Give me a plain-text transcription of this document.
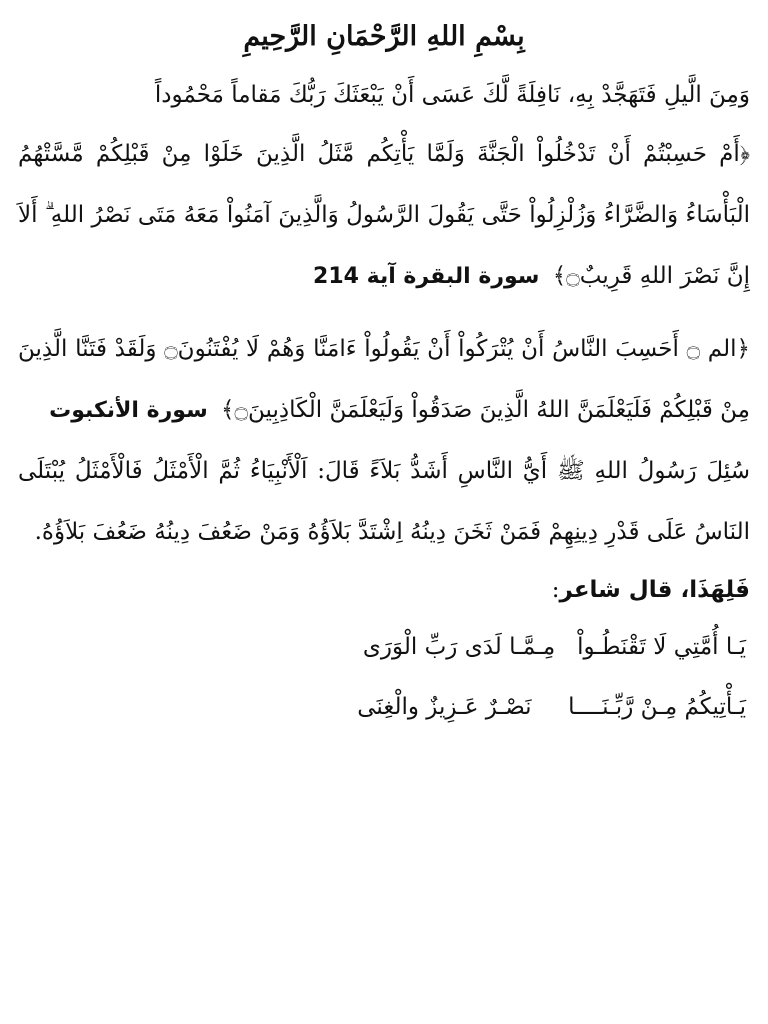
بِسْمِ اللهِ الرَّحْمَانِ الرَّحِيمِ

وَمِنَ الَّيلِ فَتَهَجَّدْ بِهِ، نَافِلَةً لَّكَ عَسَى أَنْ يَبْعَثَكَ رَبُّكَ مَقاماً مَحْمُوداً

﴿أَمْ حَسِبْتُمْ أَنْ تَدْخُلُواْ الْجَنَّةَ وَلَمَّا يَأْتِكُم مَّثَلُ الَّذِينَ خَلَوْا مِنْ قَبْلِكُمْ مَّسَّتْهُمُ الْبَأْسَاءُ وَالضَّرَّاءُ وَزُلْزِلُواْ حَتَّى يَقُولَ الرَّسُولُ وَالَّذِينَ آمَنُواْ مَعَهُ مَتَى نَصْرُ اللهِ ۗ أَلاَ إِنَّ نَصْرَ اللهِ قَرِيبٌ۝﴾ سورة البقرة آية 214

﴿الم ۝ أَحَسِبَ النَّاسُ أَنْ يُتْرَكُواْ أَنْ يَقُولُواْ ءَامَنَّا وَهُمْ لَا يُفْتَنُونَ۝ وَلَقَدْ فَتَنَّا الَّذِينَ مِنْ قَبْلِكُمْ فَلَيَعْلَمَنَّ اللهُ الَّذِينَ صَدَقُواْ وَلَيَعْلَمَنَّ الْكَاذِبِينَ۝﴾ سورة الأنكبوت

سُئِلَ رَسُولُ اللهِ ﷺ أَيُّ النَّاسِ أَشَدُّ بَلاَءً قَالَ: اَلْأَنْبِيَاءُ ثُمَّ الْأَمْثَلُ فَالْأَمْثَلُ يُبْتَلَى النَاسُ عَلَى قَدْرِ دِينِهِمْ فَمَنْ ثَخَنَ دِينُهُ اِشْتَدَّ بَلاَؤُهُ وَمَنْ ضَعُفَ دِينُهُ ضَعُفَ بَلاَؤُهُ.

فَلِهَذَا، قال شاعر:

يَـا أُمَّتِي لَا تَقْنَطُـواْ   مِـمَّـا لَدَى رَبِّ الْوَرَى

يَـأْتِيكُمُ مِـنْ رَّبِّـنَــــا     نَصْـرٌ عَـزِيزٌ والْغِنَى
